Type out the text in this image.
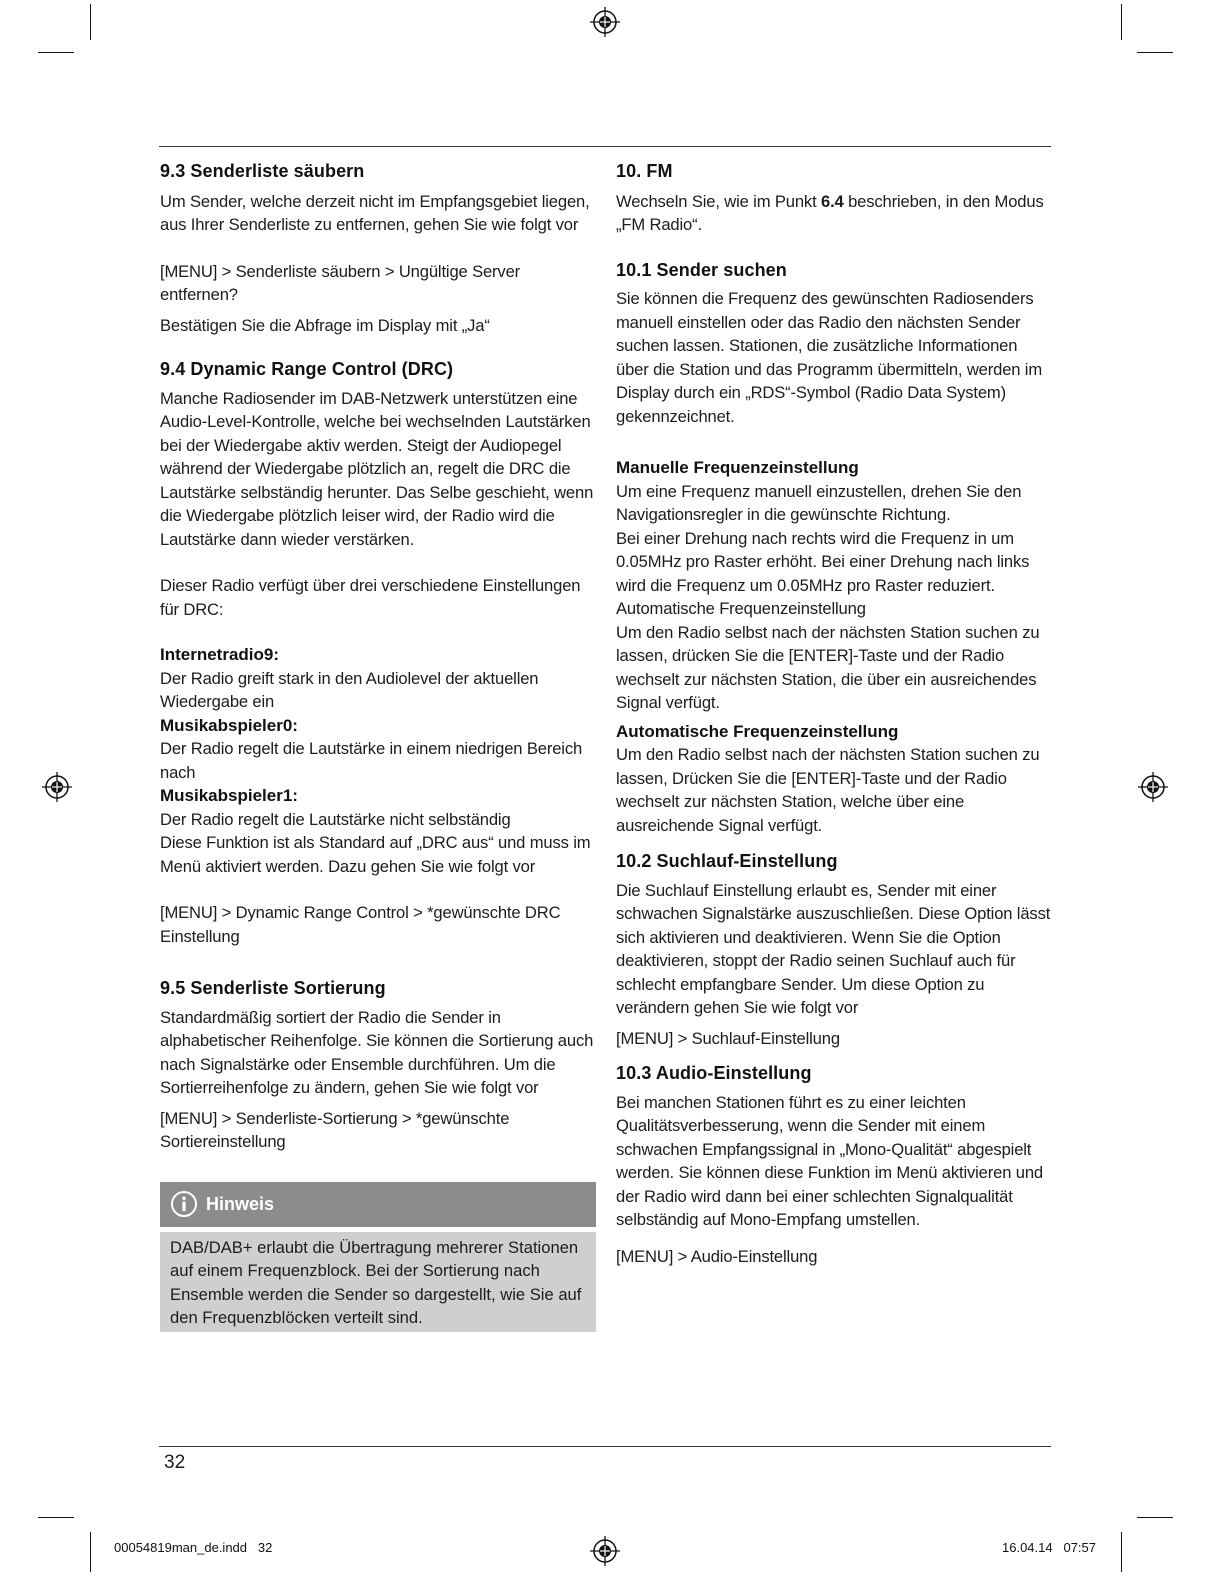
9.3 Senderliste säubern

Um Sender, welche derzeit nicht im Empfangsgebiet liegen, aus Ihrer Senderliste zu entfernen, gehen Sie wie folgt vor

[MENU] > Senderliste säubern > Ungültige Server entfernen?

Bestätigen Sie die Abfrage im Display mit „Ja“

9.4 Dynamic Range Control (DRC)

Manche Radiosender im DAB-Netzwerk unterstützen eine Audio-Level-Kontrolle, welche bei wechselnden Lautstärken bei der Wiedergabe aktiv werden. Steigt der Audiopegel während der Wiedergabe plötzlich an, regelt die DRC die Lautstärke selbständig herunter. Das Selbe geschieht, wenn die Wiedergabe plötzlich leiser wird, der Radio wird die Lautstärke dann wieder verstärken.

Dieser Radio verfügt über drei verschiedene Einstellungen für DRC:

Internetradio9:

Der Radio greift stark in den Audiolevel der aktuellen Wiedergabe ein

Musikabspieler0:

Der Radio regelt die Lautstärke in einem niedrigen Bereich nach

Musikabspieler1:

Der Radio regelt die Lautstärke nicht selbständig

Diese Funktion ist als Standard auf „DRC aus“ und muss im Menü aktiviert werden. Dazu gehen Sie wie folgt vor

[MENU] > Dynamic Range Control > *gewünschte DRC Einstellung

9.5 Senderliste Sortierung

Standardmäßig sortiert der Radio die Sender in alphabetischer Reihenfolge. Sie können die Sortierung auch nach Signalstärke oder Ensemble durchführen. Um die Sortierreihenfolge zu ändern, gehen Sie wie folgt vor

[MENU] > Senderliste-Sortierung > *gewünschte Sortiereinstellung

Hinweis
DAB/DAB+ erlaubt die Übertragung mehrerer Stationen auf einem Frequenzblock. Bei der Sortierung nach Ensemble werden die Sender so dargestellt, wie Sie auf den Frequenzblöcken verteilt sind.
10. FM

Wechseln Sie, wie im Punkt 6.4 beschrieben, in den Modus „FM Radio“.

10.1 Sender suchen

Sie können die Frequenz des gewünschten Radiosenders manuell einstellen oder das Radio den nächsten Sender suchen lassen. Stationen, die zusätzliche Informationen über die Station und das Programm übermitteln, werden im Display durch ein „RDS“-Symbol (Radio Data System) gekennzeichnet.

Manuelle Frequenzeinstellung

Um eine Frequenz manuell einzustellen, drehen Sie den Navigationsregler in die gewünschte Richtung.

Bei einer Drehung nach rechts wird die Frequenz in um 0.05MHz pro Raster erhöht. Bei einer Drehung nach links wird die Frequenz um 0.05MHz pro Raster reduziert.

Automatische Frequenzeinstellung

Um den Radio selbst nach der nächsten Station suchen zu lassen, drücken Sie die [ENTER]-Taste und der Radio wechselt zur nächsten Station, die über ein ausreichendes Signal verfügt.

Automatische Frequenzeinstellung

Um den Radio selbst nach der nächsten Station suchen zu lassen, Drücken Sie die [ENTER]-Taste und der Radio wechselt zur nächsten Station, welche über eine ausreichende Signal verfügt.

10.2 Suchlauf-Einstellung

Die Suchlauf Einstellung erlaubt es, Sender mit einer schwachen Signalstärke auszuschließen. Diese Option lässt sich aktivieren und deaktivieren. Wenn Sie die Option deaktivieren, stoppt der Radio seinen Suchlauf auch für schlecht empfangbare Sender. Um diese Option zu verändern gehen Sie wie folgt vor

[MENU] > Suchlauf-Einstellung

10.3 Audio-Einstellung

Bei manchen Stationen führt es zu einer leichten Qualitätsverbesserung, wenn die Sender mit einem schwachen Empfangssignal in „Mono-Qualität“ abgespielt werden. Sie können diese Funktion im Menü aktivieren und der Radio wird dann bei einer schlechten Signalqualität selbständig auf Mono-Empfang umstellen.

[MENU] > Audio-Einstellung

32
00054819man_de.indd   32	16.04.14   07:57
